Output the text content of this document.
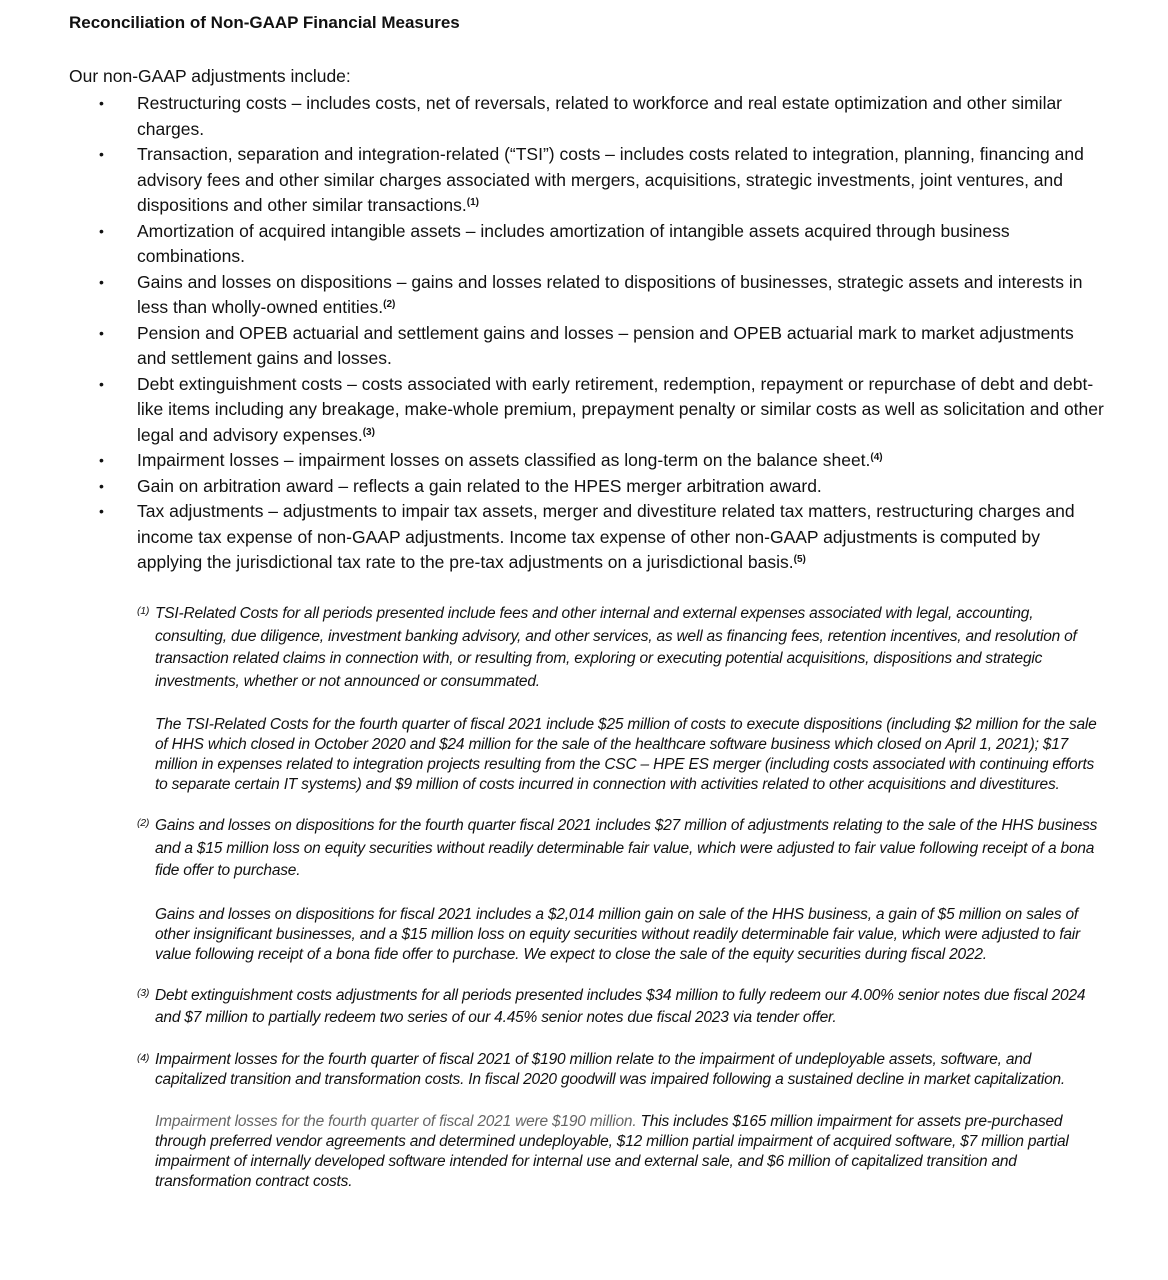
Reconciliation of Non-GAAP Financial Measures
Our non-GAAP adjustments include:
• Restructuring costs – includes costs, net of reversals, related to workforce and real estate optimization and other similar charges.
• Transaction, separation and integration-related (“TSI”) costs – includes costs related to integration, planning, financing and advisory fees and other similar charges associated with mergers, acquisitions, strategic investments, joint ventures, and dispositions and other similar transactions.$^{(1)}$
• Amortization of acquired intangible assets – includes amortization of intangible assets acquired through business combinations.
• Gains and losses on dispositions – gains and losses related to dispositions of businesses, strategic assets and interests in less than wholly-owned entities.$^{(2)}$
• Pension and OPEB actuarial and settlement gains and losses – pension and OPEB actuarial mark to market adjustments and settlement gains and losses.
• Debt extinguishment costs – costs associated with early retirement, redemption, repayment or repurchase of debt and debt-like items including any breakage, make-whole premium, prepayment penalty or similar costs as well as solicitation and other legal and advisory expenses.$^{(3)}$
• Impairment losses – impairment losses on assets classified as long-term on the balance sheet.$^{(4)}$
• Gain on arbitration award – reflects a gain related to the HPES merger arbitration award.
• Tax adjustments – adjustments to impair tax assets, merger and divestiture related tax matters, restructuring charges and income tax expense of non-GAAP adjustments. Income tax expense of other non-GAAP adjustments is computed by applying the jurisdictional tax rate to the pre-tax adjustments on a jurisdictional basis.$^{(5)}$
(1) TSI-Related Costs for all periods presented include fees and other internal and external expenses associated with legal, accounting, consulting, due diligence, investment banking advisory, and other services, as well as financing fees, retention incentives, and resolution of transaction related claims in connection with, or resulting from, exploring or executing potential acquisitions, dispositions and strategic investments, whether or not announced or consummated.
The TSI-Related Costs for the fourth quarter of fiscal 2021 include $25 million of costs to execute dispositions (including $2 million for the sale of HHS which closed in October 2020 and $24 million for the sale of the healthcare software business which closed on April 1, 2021); $17 million in expenses related to integration projects resulting from the CSC – HPE ES merger (including costs associated with continuing efforts to separate certain IT systems) and $9 million of costs incurred in connection with activities related to other acquisitions and divestitures.
(2) Gains and losses on dispositions for the fourth quarter fiscal 2021 includes $27 million of adjustments relating to the sale of the HHS business and a $15 million loss on equity securities without readily determinable fair value, which were adjusted to fair value following receipt of a bona fide offer to purchase.
Gains and losses on dispositions for fiscal 2021 includes a $2,014 million gain on sale of the HHS business, a gain of $5 million on sales of other insignificant businesses, and a $15 million loss on equity securities without readily determinable fair value, which were adjusted to fair value following receipt of a bona fide offer to purchase. We expect to close the sale of the equity securities during fiscal 2022.
(3) Debt extinguishment costs adjustments for all periods presented includes $34 million to fully redeem our 4.00% senior notes due fiscal 2024 and $7 million to partially redeem two series of our 4.45% senior notes due fiscal 2023 via tender offer.
(4) Impairment losses for the fourth quarter of fiscal 2021 of $190 million relate to the impairment of undeployable assets, software, and capitalized transition and transformation costs. In fiscal 2020 goodwill was impaired following a sustained decline in market capitalization.
Impairment losses for the fourth quarter of fiscal 2021 were $190 million. This includes $165 million impairment for assets pre-purchased through preferred vendor agreements and determined undeployable, $12 million partial impairment of acquired software, $7 million partial impairment of internally developed software intended for internal use and external sale, and $6 million of capitalized transition and transformation contract costs.
